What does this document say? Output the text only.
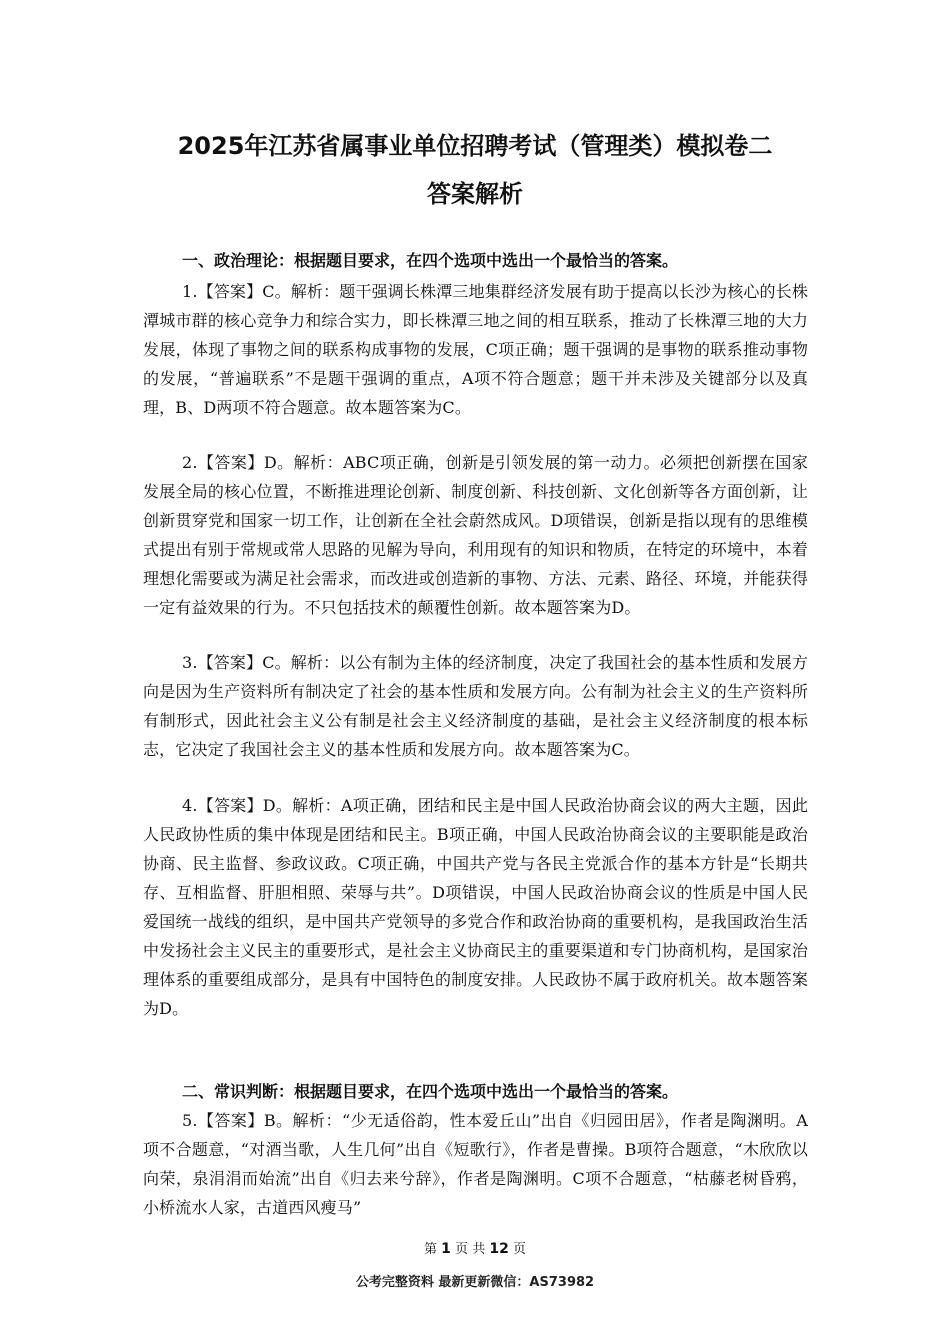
2025年江苏省属事业单位招聘考试（管理类）模拟卷二
答案解析
一、政治理论：根据题目要求，在四个选项中选出一个最恰当的答案。
1.【答案】C。解析：题干强调长株潭三地集群经济发展有助于提高以长沙为核心的长株潭城市群的核心竞争力和综合实力，即长株潭三地之间的相互联系，推动了长株潭三地的大力发展，体现了事物之间的联系构成事物的发展，C项正确；题干强调的是事物的联系推动事物的发展，“普遍联系”不是题干强调的重点，A项不符合题意；题干并未涉及关键部分以及真理，B、D两项不符合题意。故本题答案为C。
2.【答案】D。解析：ABC项正确，创新是引领发展的第一动力。必须把创新摆在国家发展全局的核心位置，不断推进理论创新、制度创新、科技创新、文化创新等各方面创新，让创新贯穿党和国家一切工作，让创新在全社会蔚然成风。D项错误，创新是指以现有的思维模式提出有别于常规或常人思路的见解为导向，利用现有的知识和物质，在特定的环境中，本着理想化需要或为满足社会需求，而改进或创造新的事物、方法、元素、路径、环境，并能获得一定有益效果的行为。不只包括技术的颠覆性创新。故本题答案为D。
3.【答案】C。解析：以公有制为主体的经济制度，决定了我国社会的基本性质和发展方向是因为生产资料所有制决定了社会的基本性质和发展方向。公有制为社会主义的生产资料所有制形式，因此社会主义公有制是社会主义经济制度的基础，是社会主义经济制度的根本标志，它决定了我国社会主义的基本性质和发展方向。故本题答案为C。
4.【答案】D。解析：A项正确，团结和民主是中国人民政治协商会议的两大主题，因此人民政协性质的集中体现是团结和民主。B项正确，中国人民政治协商会议的主要职能是政治协商、民主监督、参政议政。C项正确，中国共产党与各民主党派合作的基本方针是“长期共存、互相监督、肝胆相照、荣辱与共”。D项错误，中国人民政治协商会议的性质是中国人民爱国统一战线的组织，是中国共产党领导的多党合作和政治协商的重要机构，是我国政治生活中发扬社会主义民主的重要形式，是社会主义协商民主的重要渠道和专门协商机构，是国家治理体系的重要组成部分，是具有中国特色的制度安排。人民政协不属于政府机关。故本题答案为D。
二、常识判断：根据题目要求，在四个选项中选出一个最恰当的答案。
5.【答案】B。解析：“少无适俗韵，性本爱丘山”出自《归园田居》，作者是陶渊明。A项不合题意，“对酒当歌，人生几何”出自《短歌行》，作者是曹操。B项符合题意，“木欣欣以向荣，泉涓涓而始流”出自《归去来兮辞》，作者是陶渊明。C项不合题意，“枯藤老树昏鸦，小桥流水人家，古道西风瘦马”
第 1 页 共 12 页
公考完整资料 最新更新微信：AS73982
